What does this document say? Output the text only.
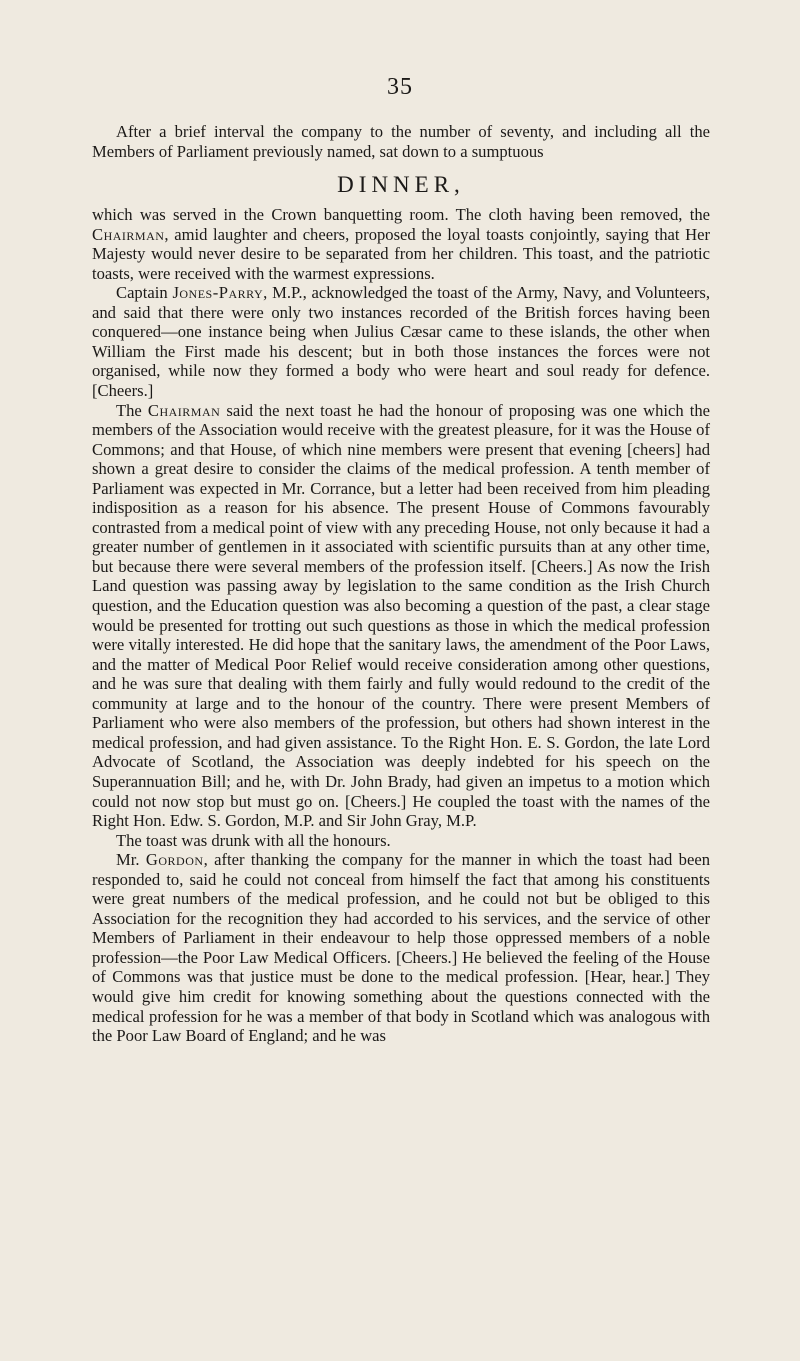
35

After a brief interval the company to the number of seventy, and including all the Members of Parliament previously named, sat down to a sumptuous

DINNER,

which was served in the Crown banquetting room. The cloth having been removed, the Chairman, amid laughter and cheers, proposed the loyal toasts conjointly, saying that Her Majesty would never desire to be separated from her children. This toast, and the patriotic toasts, were received with the warmest expressions.

Captain Jones-Parry, M.P., acknowledged the toast of the Army, Navy, and Volunteers, and said that there were only two instances recorded of the British forces having been conquered—one instance being when Julius Cæsar came to these islands, the other when William the First made his descent; but in both those instances the forces were not organised, while now they formed a body who were heart and soul ready for defence. [Cheers.]

The Chairman said the next toast he had the honour of proposing was one which the members of the Association would receive with the greatest pleasure, for it was the House of Commons; and that House, of which nine members were present that evening [cheers] had shown a great desire to consider the claims of the medical profession. A tenth member of Parliament was expected in Mr. Corrance, but a letter had been received from him pleading indisposition as a reason for his absence. The present House of Commons favourably contrasted from a medical point of view with any preceding House, not only because it had a greater number of gentlemen in it associated with scientific pursuits than at any other time, but because there were several members of the profession itself. [Cheers.] As now the Irish Land question was passing away by legislation to the same condition as the Irish Church question, and the Education question was also becoming a question of the past, a clear stage would be presented for trotting out such questions as those in which the medical profession were vitally interested. He did hope that the sanitary laws, the amendment of the Poor Laws, and the matter of Medical Poor Relief would receive consideration among other questions, and he was sure that dealing with them fairly and fully would redound to the credit of the community at large and to the honour of the country. There were present Members of Parliament who were also members of the profession, but others had shown interest in the medical profession, and had given assistance. To the Right Hon. E. S. Gordon, the late Lord Advocate of Scotland, the Association was deeply indebted for his speech on the Superannuation Bill; and he, with Dr. John Brady, had given an impetus to a motion which could not now stop but must go on. [Cheers.] He coupled the toast with the names of the Right Hon. Edw. S. Gordon, M.P. and Sir John Gray, M.P.

The toast was drunk with all the honours.

Mr. Gordon, after thanking the company for the manner in which the toast had been responded to, said he could not conceal from himself the fact that among his constituents were great numbers of the medical profession, and he could not but be obliged to this Association for the recognition they had accorded to his services, and the service of other Members of Parliament in their endeavour to help those oppressed members of a noble profession—the Poor Law Medical Officers. [Cheers.] He believed the feeling of the House of Commons was that justice must be done to the medical profession. [Hear, hear.] They would give him credit for knowing something about the questions connected with the medical profession for he was a member of that body in Scotland which was analogous with the Poor Law Board of England; and he was
